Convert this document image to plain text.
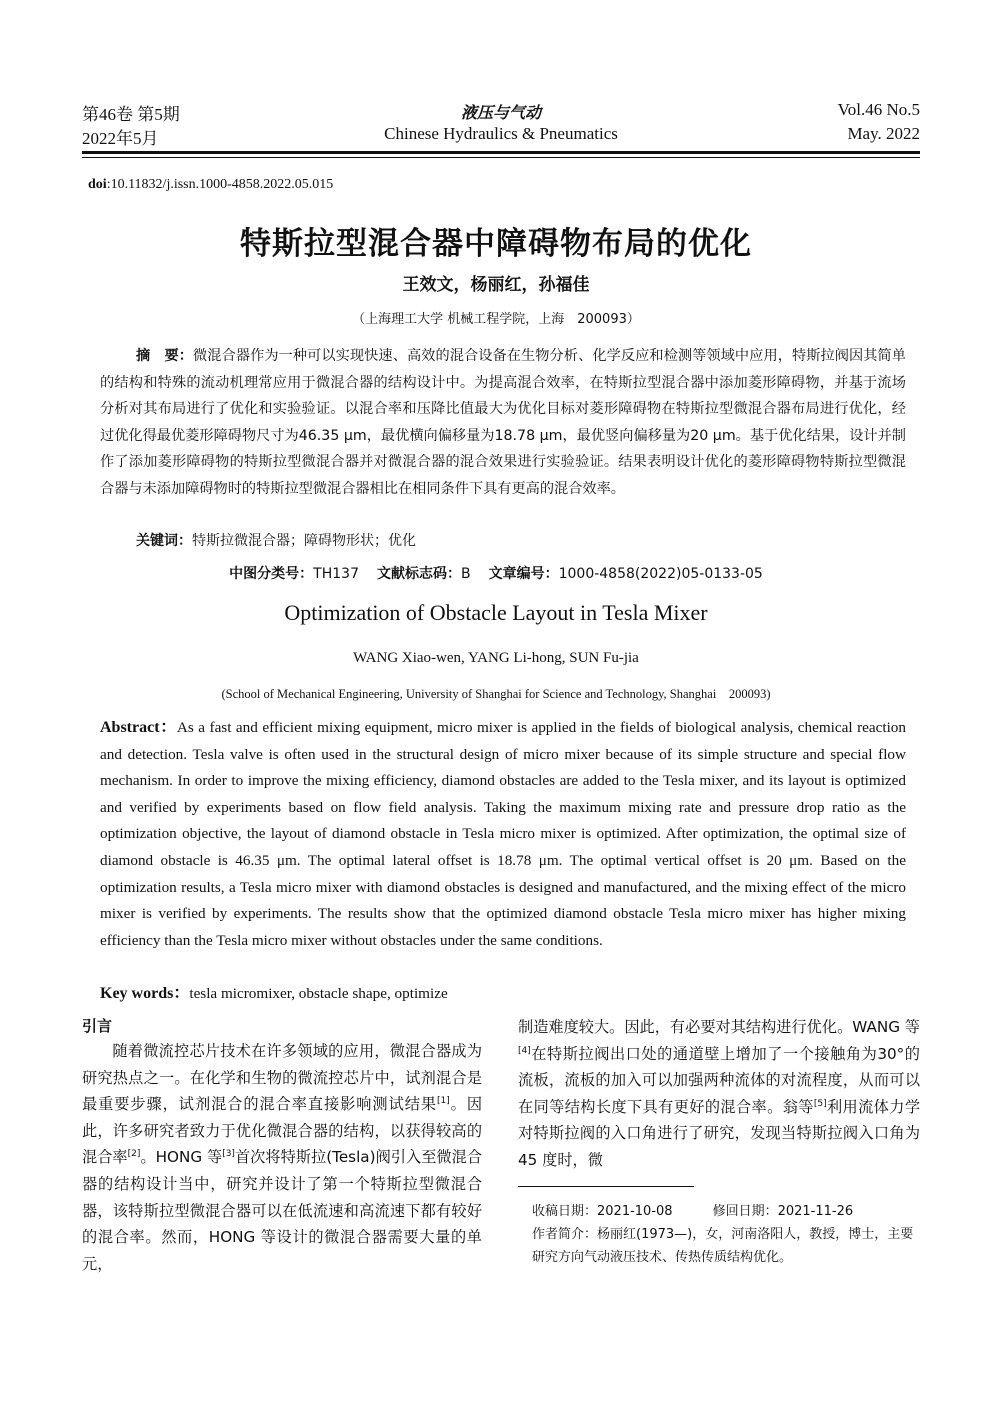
第46卷 第5期
2022年5月
液压与气动
Chinese Hydraulics & Pneumatics
Vol.46 No.5
May. 2022
doi:10.11832/j.issn.1000-4858.2022.05.015
特斯拉型混合器中障碍物布局的优化
王效文，杨丽红，孙福佳
（上海理工大学 机械工程学院，上海　200093）
摘　要：微混合器作为一种可以实现快速、高效的混合设备在生物分析、化学反应和检测等领域中应用，特斯拉阀因其简单的结构和特殊的流动机理常应用于微混合器的结构设计中。为提高混合效率，在特斯拉型混合器中添加菱形障碍物，并基于流场分析对其布局进行了优化和实验验证。以混合率和压降比值最大为优化目标对菱形障碍物在特斯拉型微混合器布局进行优化，经过优化得最优菱形障碍物尺寸为46.35 μm，最优横向偏移量为18.78 μm，最优竖向偏移量为20 μm。基于优化结果，设计并制作了添加菱形障碍物的特斯拉型微混合器并对微混合器的混合效果进行实验验证。结果表明设计优化的菱形障碍物特斯拉型微混合器与未添加障碍物时的特斯拉型微混合器相比在相同条件下具有更高的混合效率。
关键词：特斯拉微混合器；障碍物形状；优化
中图分类号：TH137 文献标志码：B 文章编号：1000-4858(2022)05-0133-05
Optimization of Obstacle Layout in Tesla Mixer
WANG Xiao-wen, YANG Li-hong, SUN Fu-jia
(School of Mechanical Engineering, University of Shanghai for Science and Technology, Shanghai　200093)
Abstract：As a fast and efficient mixing equipment, micro mixer is applied in the fields of biological analysis, chemical reaction and detection. Tesla valve is often used in the structural design of micro mixer because of its simple structure and special flow mechanism. In order to improve the mixing efficiency, diamond obstacles are added to the Tesla mixer, and its layout is optimized and verified by experiments based on flow field analysis. Taking the maximum mixing rate and pressure drop ratio as the optimization objective, the layout of diamond obstacle in Tesla micro mixer is optimized. After optimization, the optimal size of diamond obstacle is 46.35 μm. The optimal lateral offset is 18.78 μm. The optimal vertical offset is 20 μm. Based on the optimization results, a Tesla micro mixer with diamond obstacles is designed and manufactured, and the mixing effect of the micro mixer is verified by experiments. The results show that the optimized diamond obstacle Tesla micro mixer has higher mixing efficiency than the Tesla micro mixer without obstacles under the same conditions.
Key words：tesla micromixer, obstacle shape, optimize
引言
随着微流控芯片技术在许多领域的应用，微混合器成为研究热点之一。在化学和生物的微流控芯片中，试剂混合是最重要步骤，试剂混合的混合率直接影响测试结果[1]。因此，许多研究者致力于优化微混合器的结构，以获得较高的混合率[2]。HONG 等[3]首次将特斯拉(Tesla)阀引入至微混合器的结构设计当中，研究并设计了第一个特斯拉型微混合器，该特斯拉型微混合器可以在低流速和高流速下都有较好的混合率。然而，HONG 等设计的微混合器需要大量的单元，
制造难度较大。因此，有必要对其结构进行优化。WANG 等[4]在特斯拉阀出口处的通道壁上增加了一个接触角为30°的流板，流板的加入可以加强两种流体的对流程度，从而可以在同等结构长度下具有更好的混合率。翁等[5]利用流体力学对特斯拉阀的入口角进行了研究，发现当特斯拉阀入口角为45 度时，微
收稿日期：2021-10-08	修回日期：2021-11-26
作者简介：杨丽红(1973—)，女，河南洛阳人，教授，博士，主要研究方向气动液压技术、传热传质结构优化。
